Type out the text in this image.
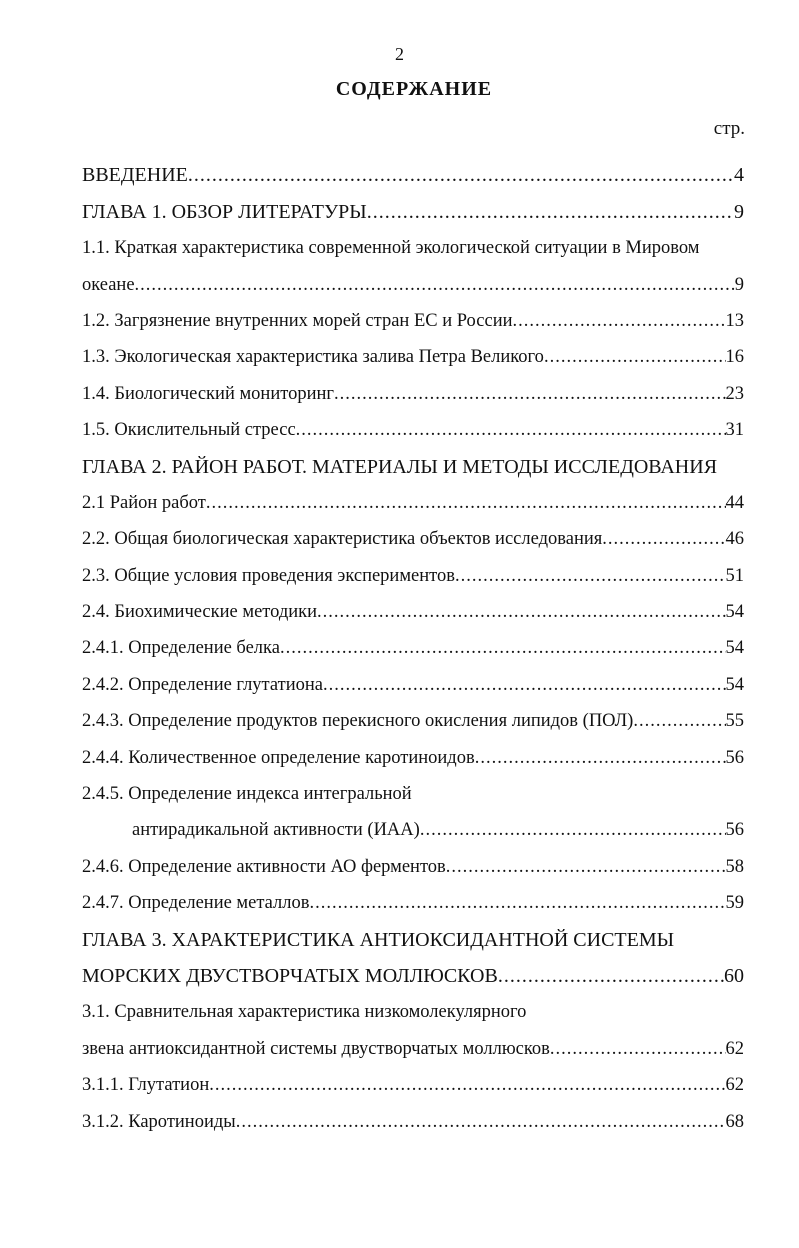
2
СОДЕРЖАНИЕ
стр.
ВВЕДЕНИЕ .....	4
ГЛАВА 1. ОБЗОР ЛИТЕРАТУРЫ .....	9
1.1. Краткая характеристика современной экологической ситуации в Мировом
океане .....	9
1.2. Загрязнение внутренних морей стран ЕС и России .....	13
1.3. Экологическая характеристика залива Петра Великого .....	16
1.4. Биологический мониторинг .....	23
1.5. Окислительный стресс .....	31
ГЛАВА 2. РАЙОН РАБОТ. МАТЕРИАЛЫ И МЕТОДЫ ИССЛЕДОВАНИЯ
2.1 Район работ .....	44
2.2. Общая биологическая характеристика объектов исследования .....	46
2.3. Общие условия проведения экспериментов .....	51
2.4. Биохимические методики .....	54
2.4.1. Определение белка .....	54
2.4.2. Определение глутатиона .....	54
2.4.3. Определение продуктов перекисного окисления липидов (ПОЛ) .....	55
2.4.4. Количественное определение каротиноидов .....	56
2.4.5. Определение индекса интегральной
антирадикальной активности (ИАА) .....	56
2.4.6. Определение активности АО ферментов .....	58
2.4.7. Определение металлов .....	59
ГЛАВА 3. ХАРАКТЕРИСТИКА АНТИОКСИДАНТНОЙ СИСТЕМЫ
МОРСКИХ ДВУСТВОРЧАТЫХ МОЛЛЮСКОВ .....	60
3.1. Сравнительная характеристика низкомолекулярного
звена антиоксидантной системы двустворчатых моллюсков .....	62
3.1.1. Глутатион .....	62
3.1.2. Каротиноиды .....	68
